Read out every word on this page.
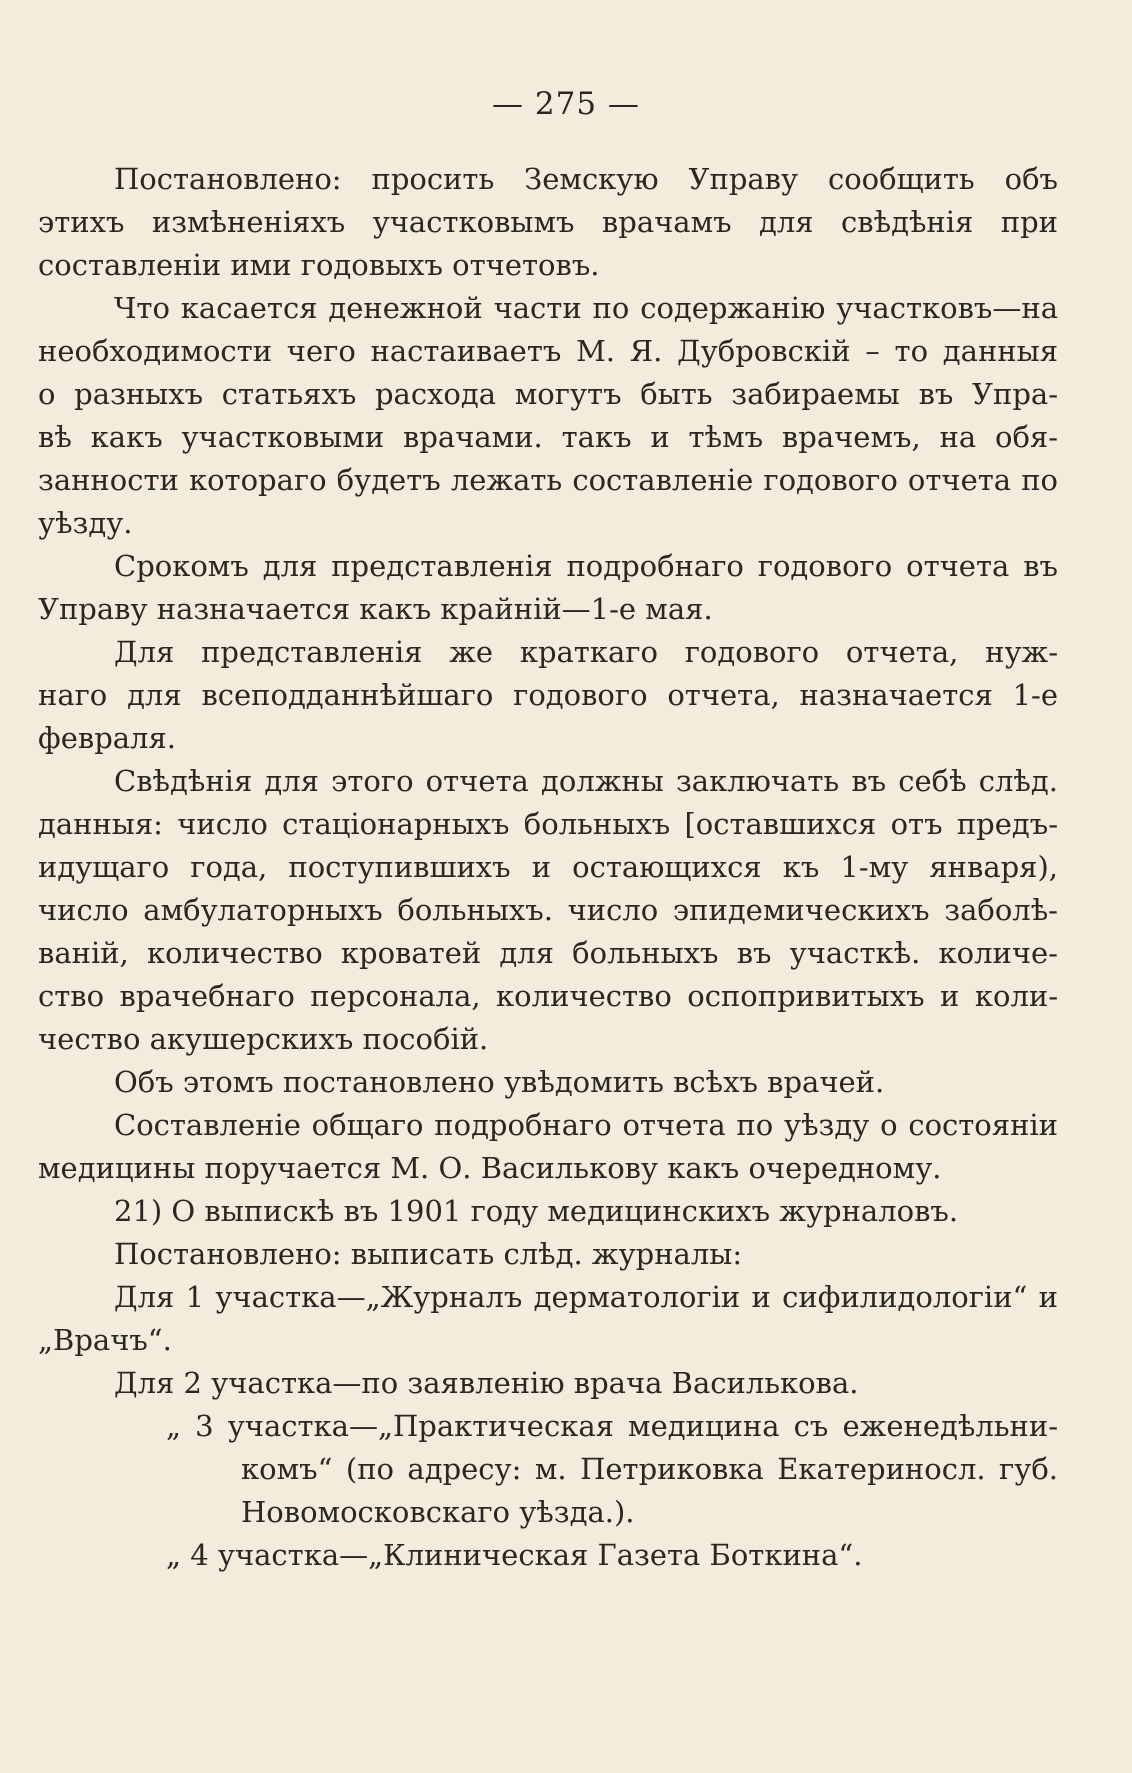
— 275 —
Постановлено: просить Земскую Управу сообщить объ
этихъ измѣненіяхъ участковымъ врачамъ для свѣдѣнія при
составленіи ими годовыхъ отчетовъ.
Что касается денежной части по содержанію участковъ—на
необходимости чего настаиваетъ М. Я. Дубровскій – то данныя
о разныхъ статьяхъ расхода могутъ быть забираемы въ Упра-
вѣ какъ участковыми врачами. такъ и тѣмъ врачемъ, на обя-
занности котораго будетъ лежать составленіе годового отчета по
уѣзду.
Срокомъ для представленія подробнаго годового отчета въ
Управу назначается какъ крайній—1-е мая.
Для представленія же краткаго годового отчета, нуж-
наго для всеподданнѣйшаго годового отчета, назначается 1-е
февраля.
Свѣдѣнія для этого отчета должны заключать въ себѣ слѣд.
данныя: число стаціонарныхъ больныхъ [оставшихся отъ предъ-
идущаго года, поступившихъ и остающихся къ 1-му января),
число амбулаторныхъ больныхъ. число эпидемическихъ заболѣ-
ваній, количество кроватей для больныхъ въ участкѣ. количе-
ство врачебнаго персонала, количество оспопривитыхъ и коли-
чество акушерскихъ пособій.
Объ этомъ постановлено увѣдомить всѣхъ врачей.
Составленіе общаго подробнаго отчета по уѣзду о состояніи
медицины поручается М. О. Василькову какъ очередному.
21) О выпискѣ въ 1901 году медицинскихъ журналовъ.
Постановлено: выписать слѣд. журналы:
Для 1 участка—„Журналъ дерматологіи и сифилидологіи“ и
„Врачъ“.
Для 2 участка—по заявленію врача Василькова.
„ 3 участка—„Практическая медицина съ еженедѣльни-
комъ“ (по адресу: м. Петриковка Екатериносл. губ.
Новомосковскаго уѣзда.).
„ 4 участка—„Клиническая Газета Боткина“.
